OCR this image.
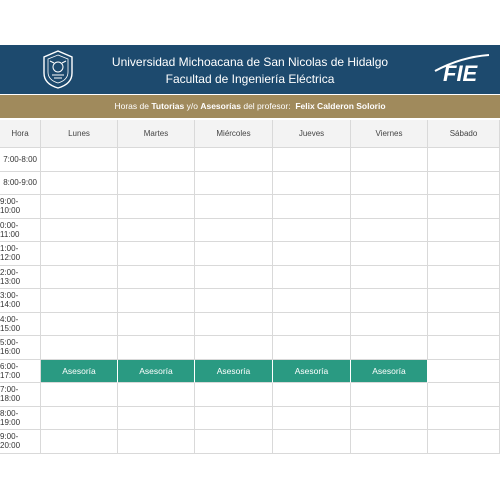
Universidad Michoacana de San Nicolas de Hidalgo
Facultad de Ingeniería Eléctrica	FIE
Horas de Tutorias y/o Asesorías del profesor: Felix Calderon Solorio
Hora	Lunes	Martes	Miércoles	Jueves	Viernes	Sábado
7:00-8:00
8:00-9:00
9:00-10:00
0:00-11:00
1:00-12:00
2:00-13:00
3:00-14:00
4:00-15:00
5:00-16:00
6:00-17:00	Asesoría	Asesoría	Asesoría	Asesoría	Asesoría
7:00-18:00
8:00-19:00
9:00-20:00
